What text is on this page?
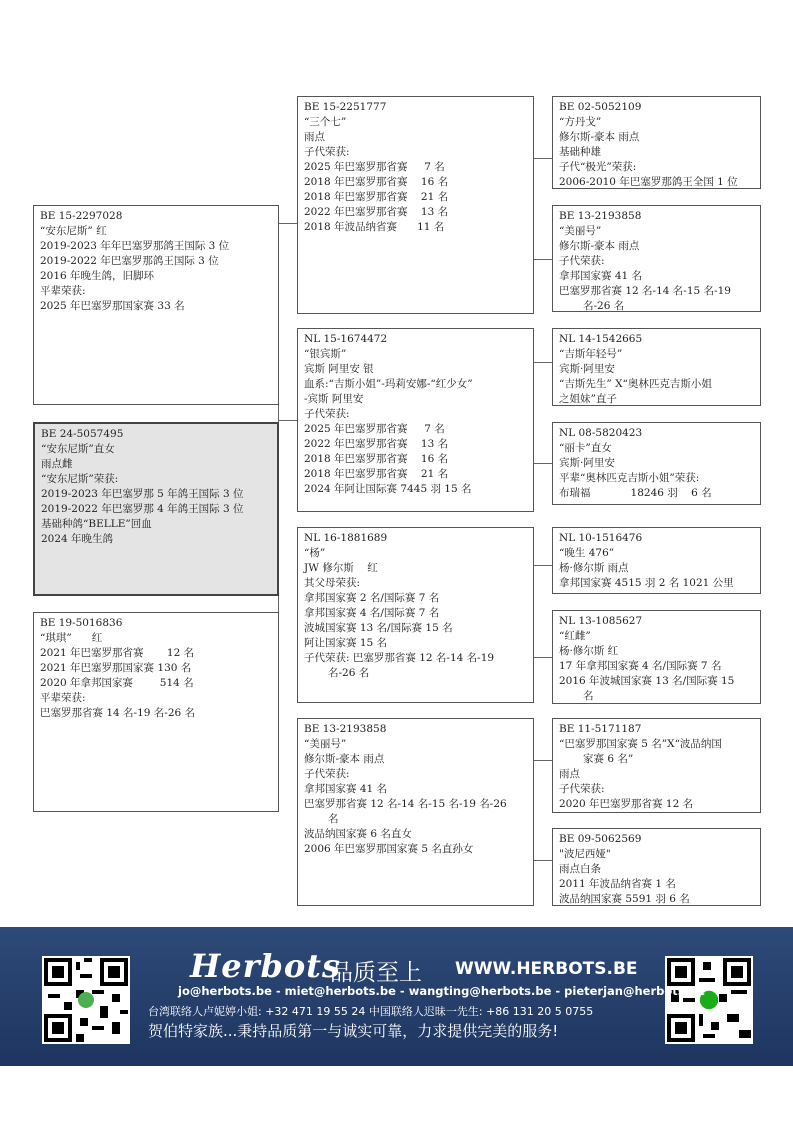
BE 15-2297028
“安东尼斯” 红
2019-2023 年年巴塞罗那鸽王国际 3 位
2019-2022 年巴塞罗那鸽王国际 3 位
2016 年晚生鸽，旧脚环
平辈荣获:
2025 年巴塞罗那国家赛 33 名
BE 24-5057495
“安东尼斯”直女
雨点雌
“安东尼斯”荣获:
2019-2023 年巴塞罗那 5 年鸽王国际 3 位
2019-2022 年巴塞罗那 4 年鸽王国际 3 位
基础种鸽“BELLE”回血
2024 年晚生鸽
BE 19-5016836
“琪琪”      红
2021 年巴塞罗那省赛       12 名
2021 年巴塞罗那国家赛 130 名
2020 年拿邦国家赛        514 名
平辈荣获:
巴塞罗那省赛 14 名-19 名-26 名
BE 15-2251777
“三个七”
雨点
子代荣获:
2025 年巴塞罗那省赛     7 名
2018 年巴塞罗那省赛    16 名
2018 年巴塞罗那省赛    21 名
2022 年巴塞罗那省赛    13 名
2018 年波品纳省赛      11 名
NL 15-1674472
“银宾斯”
宾斯 阿里安 银
血系:“吉斯小姐”-玛莉安娜-“红少女”
-宾斯 阿里安
子代荣获:
2025 年巴塞罗那省赛     7 名
2022 年巴塞罗那省赛    13 名
2018 年巴塞罗那省赛    16 名
2018 年巴塞罗那省赛    21 名
2024 年阿让国际赛 7445 羽 15 名
NL 16-1881689
“杨”
JW 修尔斯    红
其父母荣获:
拿邦国家赛 2 名/国际赛 7 名
拿邦国家赛 4 名/国际赛 7 名
波城国家赛 13 名/国际赛 15 名
阿让国家赛 15 名
子代荣获: 巴塞罗那省赛 12 名-14 名-19
名-26 名
BE 13-2193858
“美丽号”
修尔斯-豪本 雨点
子代荣获:
拿邦国家赛 41 名
巴塞罗那省赛 12 名-14 名-15 名-19 名-26
名
波品纳国家赛 6 名直女
2006 年巴塞罗那国家赛 5 名直孙女
BE 02-5052109
“方丹戈”
修尔斯-豪本 雨点
基础种雄
子代“极光”荣获:
2006-2010 年巴塞罗那鸽王全国 1 位
BE 13-2193858
“美丽号”
修尔斯-豪本 雨点
子代荣获:
拿邦国家赛 41 名
巴塞罗那省赛 12 名-14 名-15 名-19
名-26 名
NL 14-1542665
“吉斯年轻号”
宾斯·阿里安
“吉斯先生” X“奥林匹克吉斯小姐
之姐妹”直子
NL 08-5820423
“丽卡”直女
宾斯·阿里安
平辈“奥林匹克吉斯小姐”荣获:
布瑞福            18246 羽    6 名
NL 10-1516476
“晚生 476”
杨·修尔斯 雨点
拿邦国家赛 4515 羽 2 名 1021 公里
NL 13-1085627
“红雌”
杨·修尔斯 红
17 年拿邦国家赛 4 名/国际赛 7 名
2016 年波城国家赛 13 名/国际赛 15
名
BE 11-5171187
“巴塞罗那国家赛 5 名”X“波品纳国
家赛 6 名”
雨点
子代荣获:
2020 年巴塞罗那省赛 12 名
BE 09-5062569
"波尼西娅"
雨点白条
2011 年波品纳省赛 1 名
波品纳国家赛 5591 羽 6 名
Herbots
品质至上 WWW.HERBOTS.BE
jo@herbots.be - miet@herbots.be - wangting@herbots.be - pieterjan@herbots.be
台湾联络人卢妮婷小姐: +32 471 19 55 24 中国联络人迟昧一先生: +86 131 20 5 0755
贺伯特家族...秉持品质第一与诚实可靠，力求提供完美的服务!
